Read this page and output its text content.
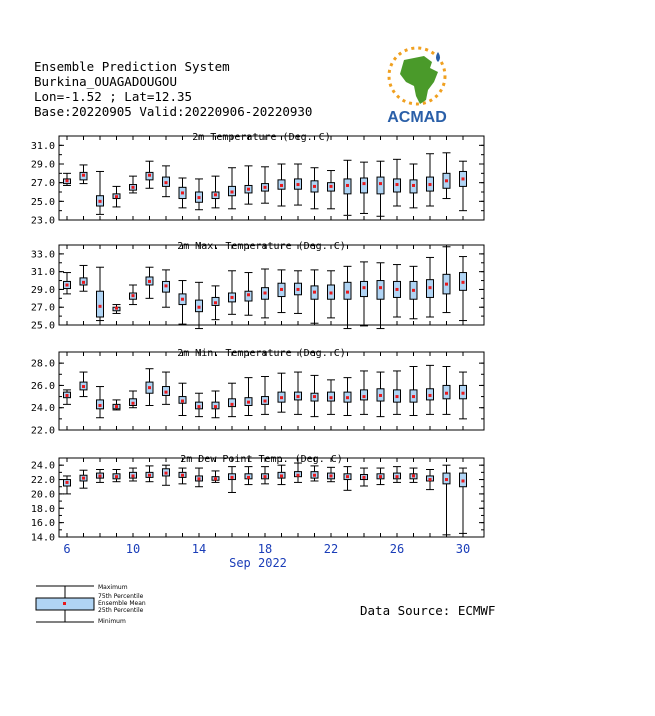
Ensemble Prediction System
Burkina_OUAGADOUGOU
Lon=-1.52 ; Lat=12.35
Base:20220905 Valid:20220906-20220930	ACMAD
2m Temperature (Deg. C)
23.0
25.0
27.0
29.0
31.0
2m Max. Temperature (Deg. C)
25.0
27.0
29.0
31.0
33.0
2m Min. Temperature (Deg. C)
22.0
24.0
26.0
28.0
2m Dew Point Temp. (Deg. C)
14.0
16.0
18.0
20.0
22.0
24.0
6	10	14	18	22	26	30
Sep 2022
Maximum
75th Percentile
Ensemble Mean
25th Percentile
Minimum
Data Source: ECMWF
